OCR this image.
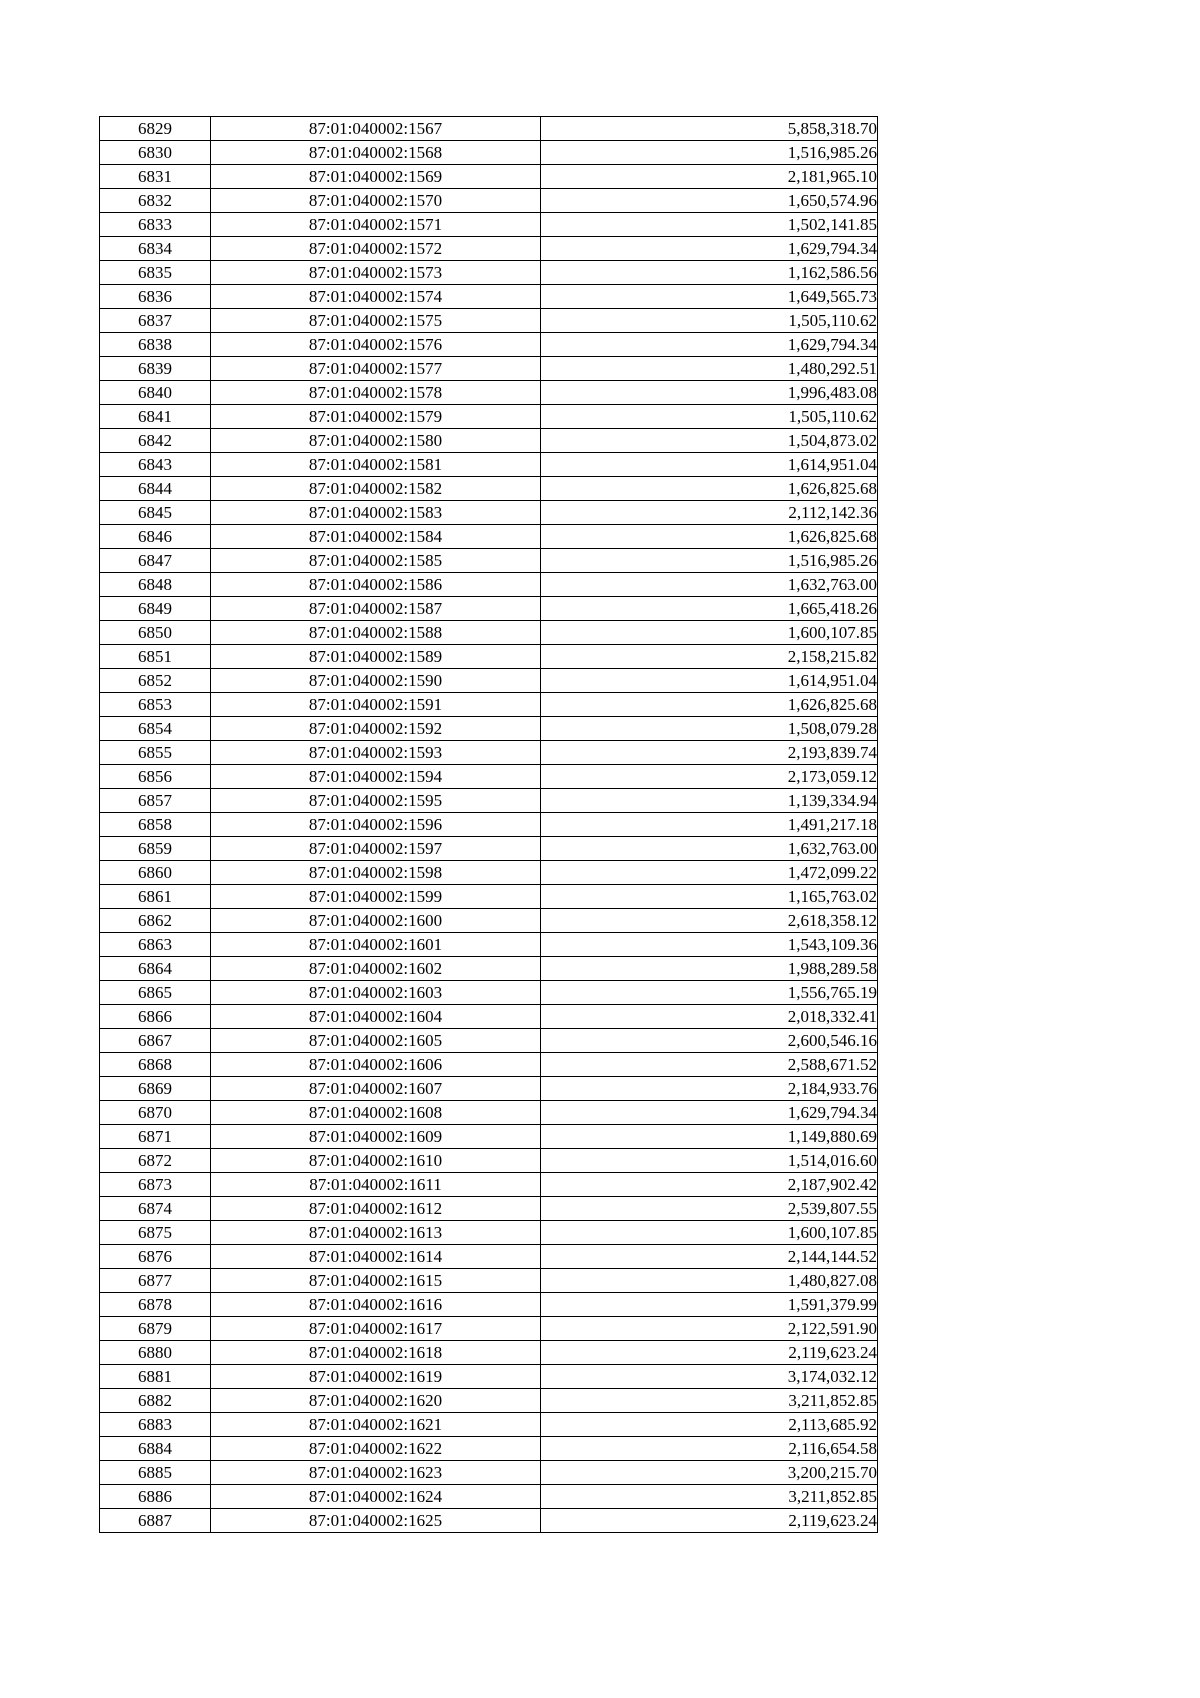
6829	87:01:040002:1567	5,858,318.70
6830	87:01:040002:1568	1,516,985.26
6831	87:01:040002:1569	2,181,965.10
6832	87:01:040002:1570	1,650,574.96
6833	87:01:040002:1571	1,502,141.85
6834	87:01:040002:1572	1,629,794.34
6835	87:01:040002:1573	1,162,586.56
6836	87:01:040002:1574	1,649,565.73
6837	87:01:040002:1575	1,505,110.62
6838	87:01:040002:1576	1,629,794.34
6839	87:01:040002:1577	1,480,292.51
6840	87:01:040002:1578	1,996,483.08
6841	87:01:040002:1579	1,505,110.62
6842	87:01:040002:1580	1,504,873.02
6843	87:01:040002:1581	1,614,951.04
6844	87:01:040002:1582	1,626,825.68
6845	87:01:040002:1583	2,112,142.36
6846	87:01:040002:1584	1,626,825.68
6847	87:01:040002:1585	1,516,985.26
6848	87:01:040002:1586	1,632,763.00
6849	87:01:040002:1587	1,665,418.26
6850	87:01:040002:1588	1,600,107.85
6851	87:01:040002:1589	2,158,215.82
6852	87:01:040002:1590	1,614,951.04
6853	87:01:040002:1591	1,626,825.68
6854	87:01:040002:1592	1,508,079.28
6855	87:01:040002:1593	2,193,839.74
6856	87:01:040002:1594	2,173,059.12
6857	87:01:040002:1595	1,139,334.94
6858	87:01:040002:1596	1,491,217.18
6859	87:01:040002:1597	1,632,763.00
6860	87:01:040002:1598	1,472,099.22
6861	87:01:040002:1599	1,165,763.02
6862	87:01:040002:1600	2,618,358.12
6863	87:01:040002:1601	1,543,109.36
6864	87:01:040002:1602	1,988,289.58
6865	87:01:040002:1603	1,556,765.19
6866	87:01:040002:1604	2,018,332.41
6867	87:01:040002:1605	2,600,546.16
6868	87:01:040002:1606	2,588,671.52
6869	87:01:040002:1607	2,184,933.76
6870	87:01:040002:1608	1,629,794.34
6871	87:01:040002:1609	1,149,880.69
6872	87:01:040002:1610	1,514,016.60
6873	87:01:040002:1611	2,187,902.42
6874	87:01:040002:1612	2,539,807.55
6875	87:01:040002:1613	1,600,107.85
6876	87:01:040002:1614	2,144,144.52
6877	87:01:040002:1615	1,480,827.08
6878	87:01:040002:1616	1,591,379.99
6879	87:01:040002:1617	2,122,591.90
6880	87:01:040002:1618	2,119,623.24
6881	87:01:040002:1619	3,174,032.12
6882	87:01:040002:1620	3,211,852.85
6883	87:01:040002:1621	2,113,685.92
6884	87:01:040002:1622	2,116,654.58
6885	87:01:040002:1623	3,200,215.70
6886	87:01:040002:1624	3,211,852.85
6887	87:01:040002:1625	2,119,623.24
